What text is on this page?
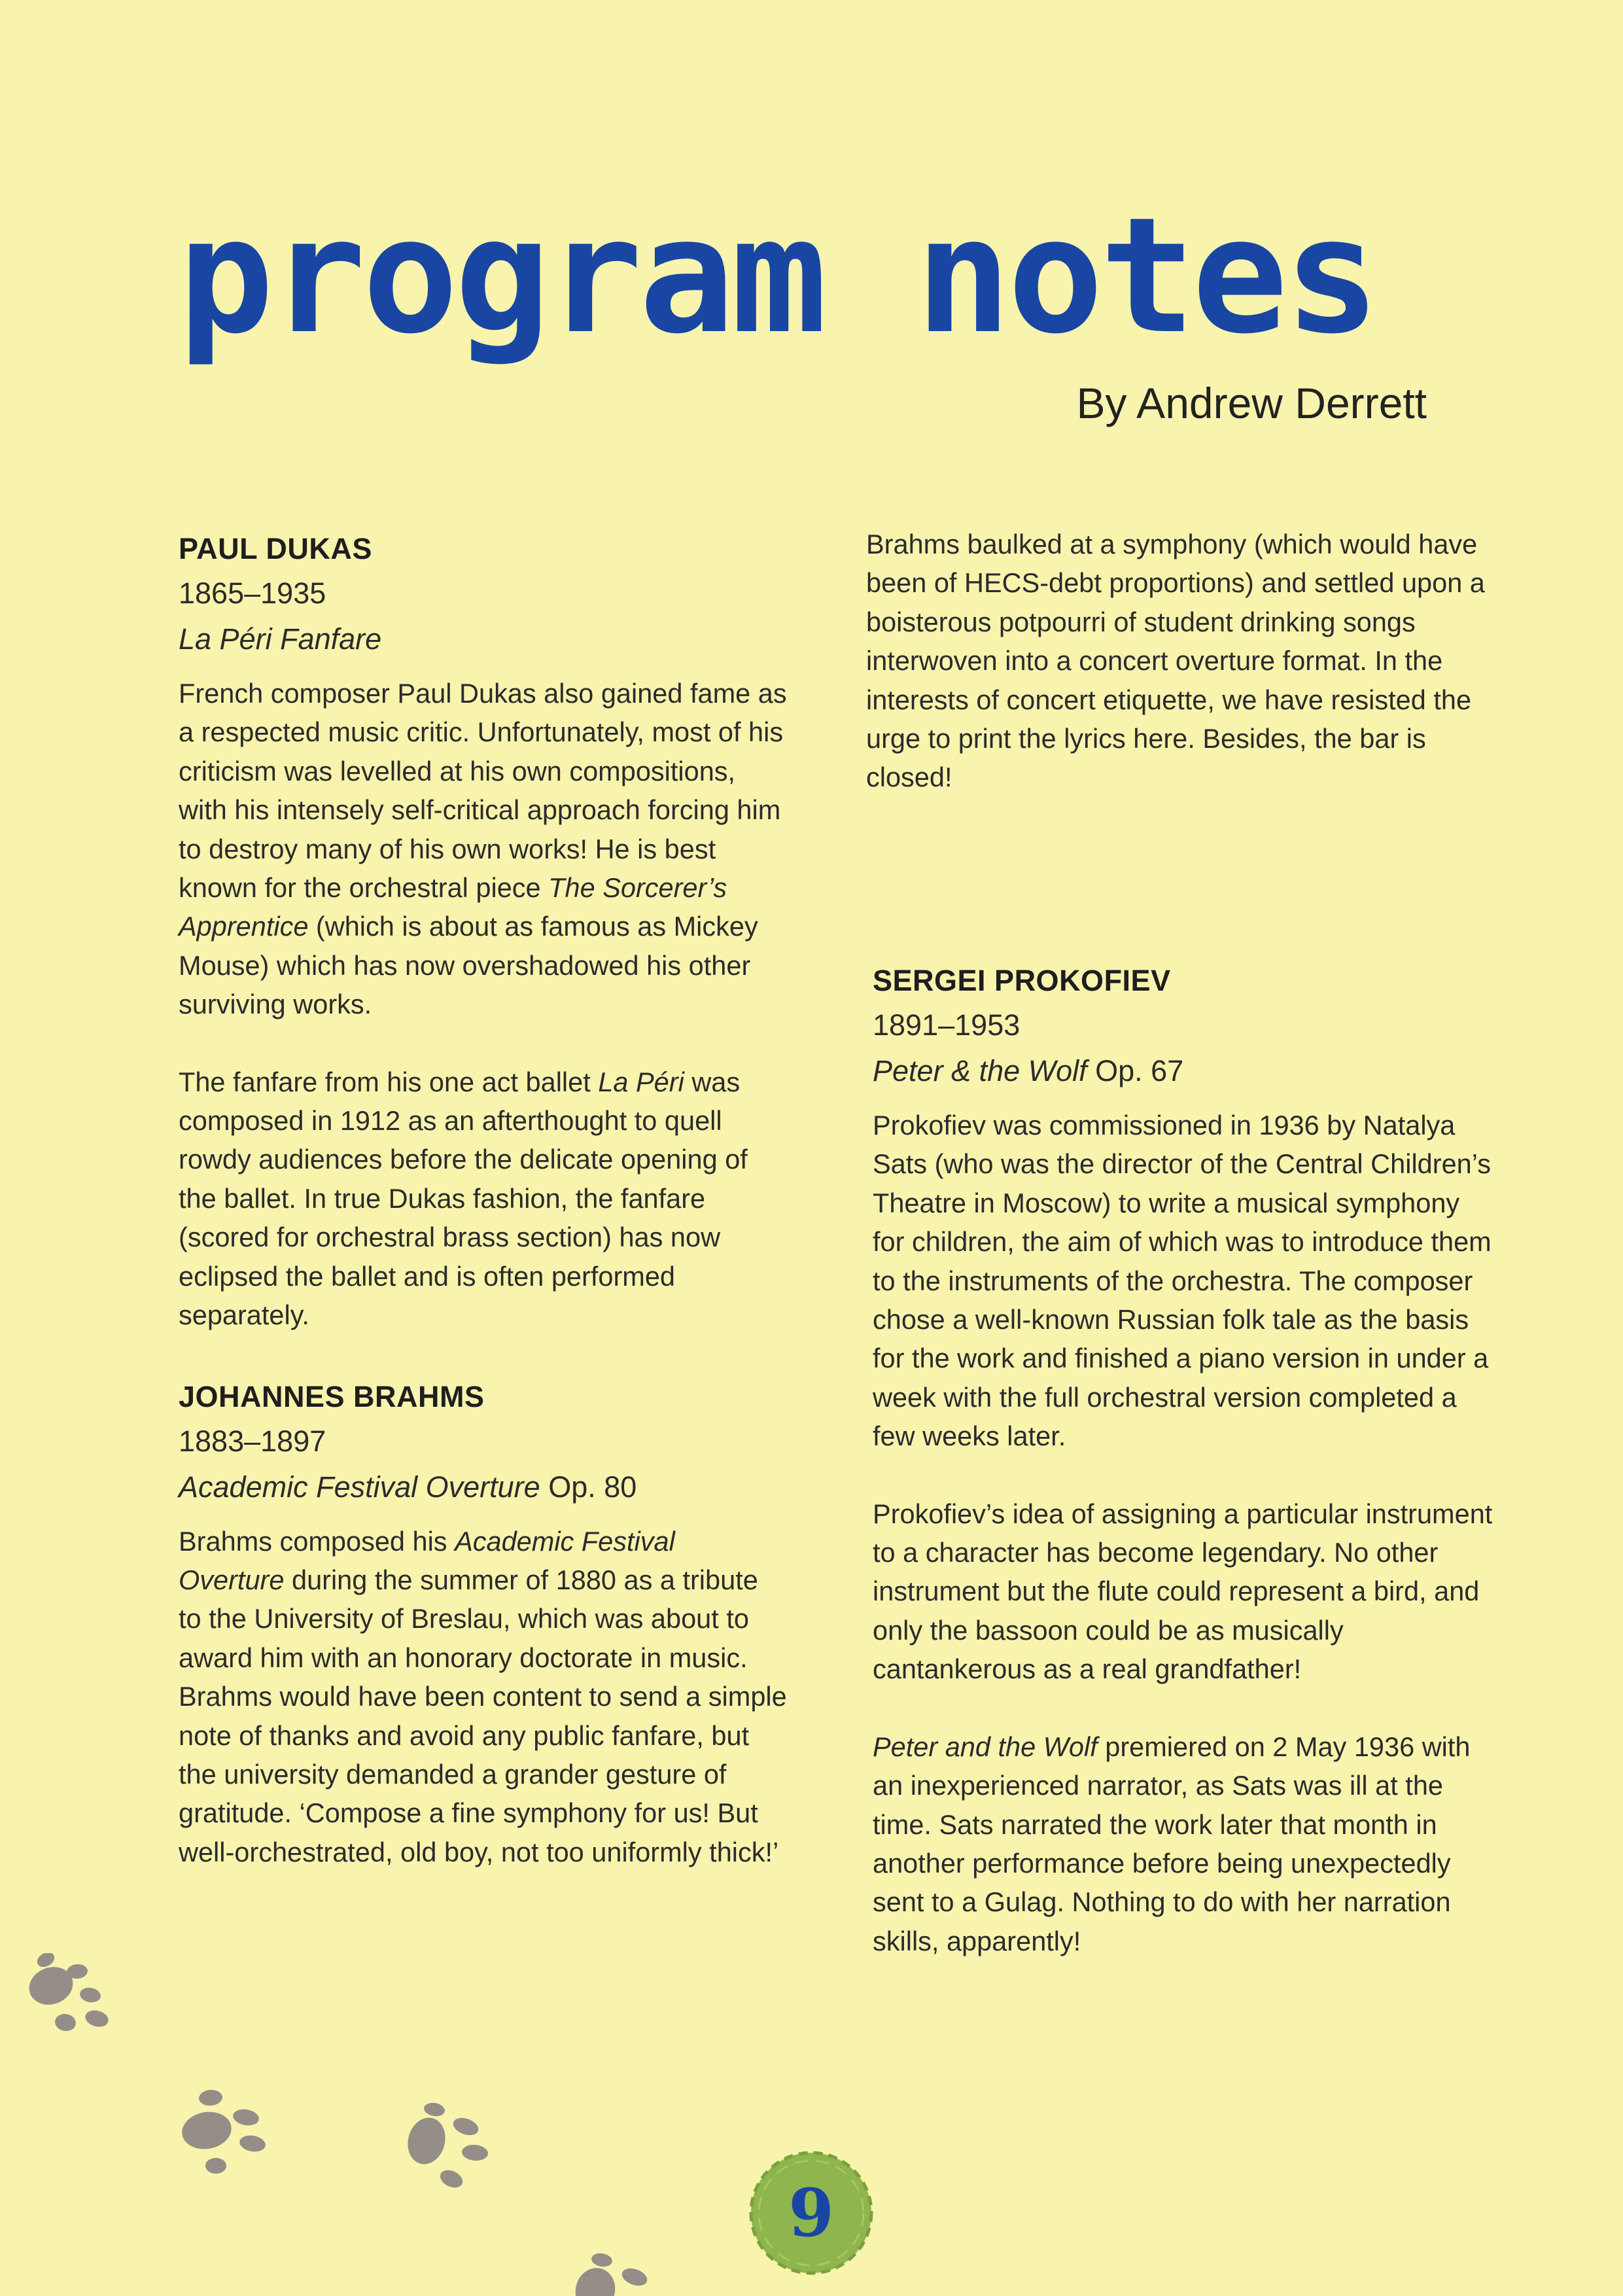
program notes
By Andrew Derrett
PAUL DUKAS
1865–1935
La Péri Fanfare

French composer Paul Dukas also gained fame as a respected music critic. Unfortunately, most of his criticism was levelled at his own compositions, with his intensely self-critical approach forcing him to destroy many of his own works! He is best known for the orchestral piece The Sorcerer’s Apprentice (which is about as famous as Mickey Mouse) which has now overshadowed his other surviving works.

The fanfare from his one act ballet La Péri was composed in 1912 as an afterthought to quell rowdy audiences before the delicate opening of the ballet. In true Dukas fashion, the fanfare (scored for orchestral brass section) has now eclipsed the ballet and is often performed separately.

JOHANNES BRAHMS
1883–1897
Academic Festival Overture Op. 80

Brahms composed his Academic Festival Overture during the summer of 1880 as a tribute to the University of Breslau, which was about to award him with an honorary doctorate in music. Brahms would have been content to send a simple note of thanks and avoid any public fanfare, but the university demanded a grander gesture of gratitude. ‘Compose a fine symphony for us! But well-orchestrated, old boy, not too uniformly thick!’

Brahms baulked at a symphony (which would have been of HECS-debt proportions) and settled upon a boisterous potpourri of student drinking songs interwoven into a concert overture format. In the interests of concert etiquette, we have resisted the urge to print the lyrics here. Besides, the bar is closed!

SERGEI PROKOFIEV
1891–1953
Peter & the Wolf Op. 67

Prokofiev was commissioned in 1936 by Natalya Sats (who was the director of the Central Children’s Theatre in Moscow) to write a musical symphony for children, the aim of which was to introduce them to the instruments of the orchestra. The composer chose a well-known Russian folk tale as the basis for the work and finished a piano version in under a week with the full orchestral version completed a few weeks later.

Prokofiev’s idea of assigning a particular instrument to a character has become legendary. No other instrument but the flute could represent a bird, and only the bassoon could be as musically cantankerous as a real grandfather!

Peter and the Wolf premiered on 2 May 1936 with an inexperienced narrator, as Sats was ill at the time. Sats narrated the work later that month in another performance before being unexpectedly sent to a Gulag. Nothing to do with her narration skills, apparently!

9
